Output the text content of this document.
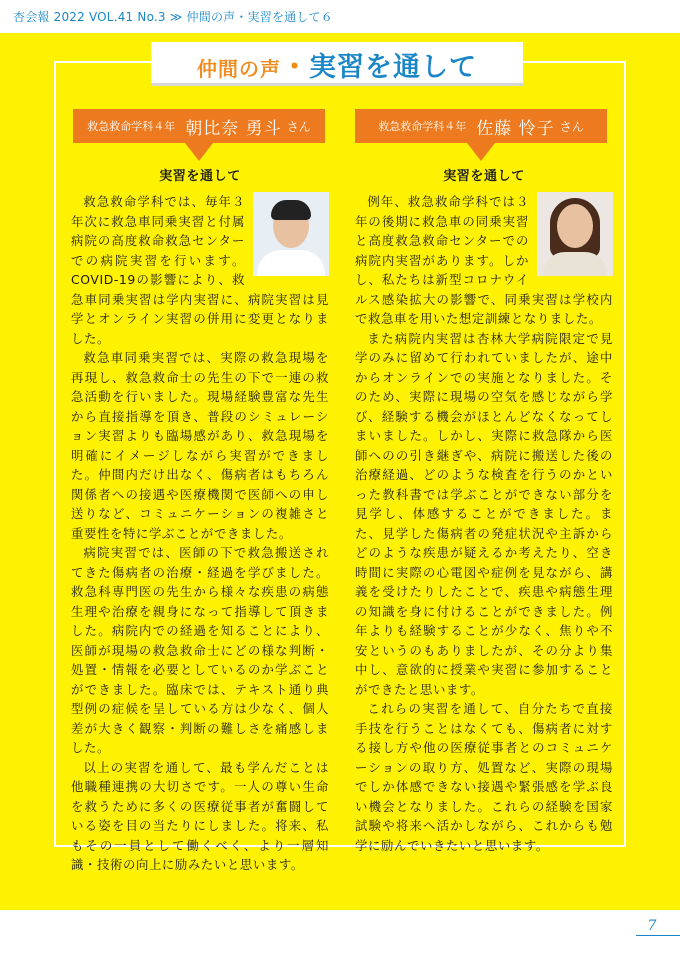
杏会報 2022 VOL.41 No.3 ≫ 仲間の声・実習を通して６
仲間の声・実習を通して
救急救命学科４年 朝比奈 勇斗 さん	救急救命学科４年 佐藤 怜子 さん
実習を通して

救急救命学科では、毎年３年次に救急車同乗実習と付属病院の高度救命救急センターでの病院実習を行います。COVID-19の影響により、救急車同乗実習は学内実習に、病院実習は見学とオンライン実習の併用に変更となりました。

救急車同乗実習では、実際の救急現場を再現し、救急救命士の先生の下で一連の救急活動を行いました。現場経験豊富な先生から直接指導を頂き、普段のシミュレーション実習よりも臨場感があり、救急現場を明確にイメージしながら実習ができました。仲間内だけ出なく、傷病者はもちろん関係者への接遇や医療機関で医師への申し送りなど、コミュニケーションの複雑さと重要性を特に学ぶことができました。

病院実習では、医師の下で救急搬送されてきた傷病者の治療・経過を学びました。救急科専門医の先生から様々な疾患の病態生理や治療を親身になって指導して頂きました。病院内での経過を知ることにより、医師が現場の救急救命士にどの様な判断・処置・情報を必要としているのか学ぶことができました。臨床では、テキスト通り典型例の症候を呈している方は少なく、個人差が大きく観察・判断の難しさを痛感しました。

以上の実習を通して、最も学んだことは他職種連携の大切さです。一人の尊い生命を救うために多くの医療従事者が奮闘している姿を目の当たりにしました。将来、私もその一員として働くべく、より一層知識・技術の向上に励みたいと思います。

実習を通して

例年、救急救命学科では３年の後期に救急車の同乗実習と高度救急救命センターでの病院内実習があります。しかし、私たちは新型コロナウイルス感染拡大の影響で、同乗実習は学校内で救急車を用いた想定訓練となりました。

また病院内実習は杏林大学病院限定で見学のみに留めて行われていましたが、途中からオンラインでの実施となりました。そのため、実際に現場の空気を感じながら学び、経験する機会がほとんどなくなってしまいました。しかし、実際に救急隊から医師へのの引き継ぎや、病院に搬送した後の治療経過、どのような検査を行うのかといった教科書では学ぶことができない部分を見学し、体感することができました。また、見学した傷病者の発症状況や主訴からどのような疾患が疑えるか考えたり、空き時間に実際の心電図や症例を見ながら、講義を受けたりしたことで、疾患や病態生理の知識を身に付けることができました。例年よりも経験することが少なく、焦りや不安というのもありましたが、その分より集中し、意欲的に授業や実習に参加することができたと思います。

これらの実習を通して、自分たちで直接手技を行うことはなくても、傷病者に対する接し方や他の医療従事者とのコミュニケーションの取り方、処置など、実際の現場でしか体感できない接遇や緊張感を学ぶ良い機会となりました。これらの経験を国家試験や将来へ活かしながら、これからも勉学に励んでいきたいと思います。

7
